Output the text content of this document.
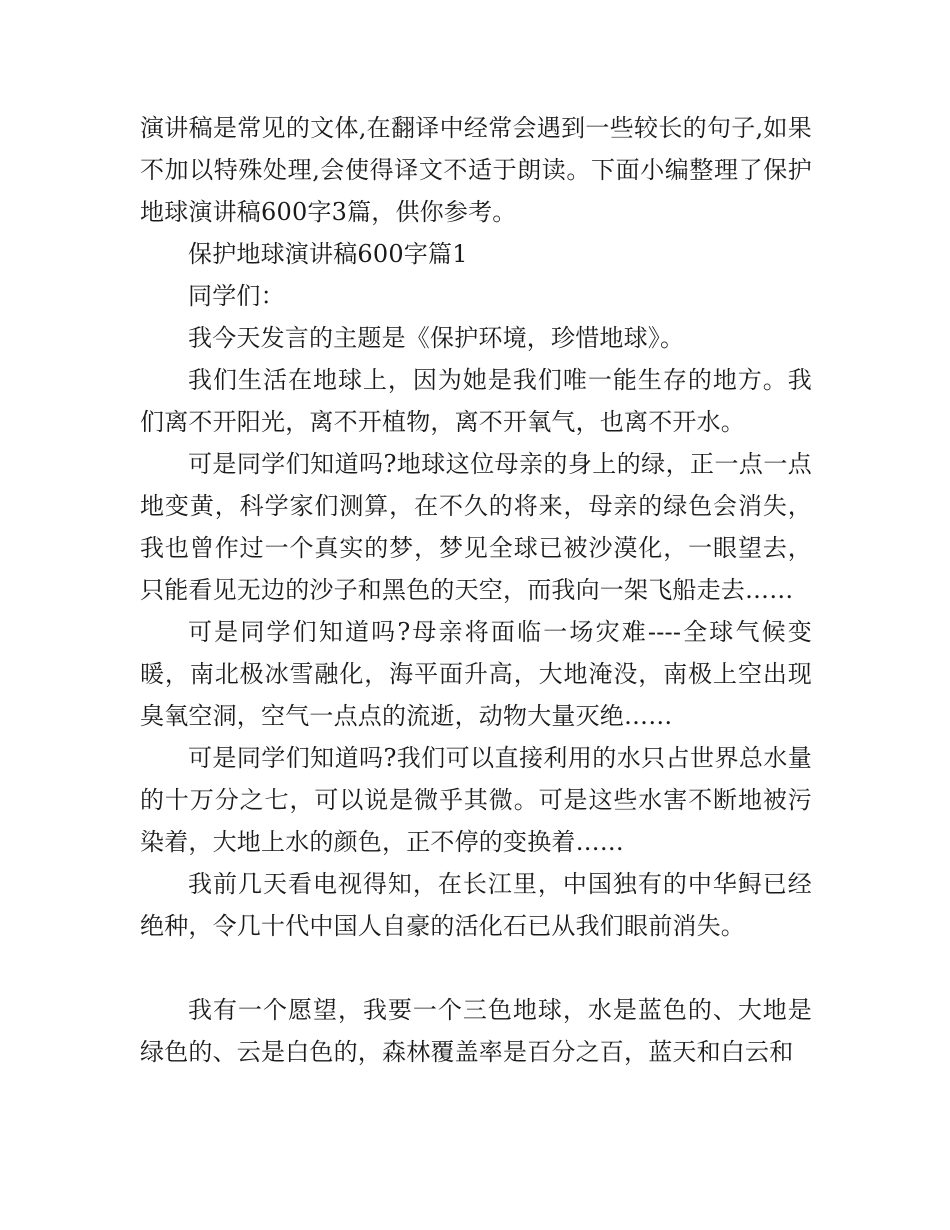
演讲稿是常见的文体,在翻译中经常会遇到一些较长的句子,如果不加以特殊处理,会使得译文不适于朗读。下面小编整理了保护地球演讲稿600字3篇，供你参考。

保护地球演讲稿600字篇1

同学们：

我今天发言的主题是《保护环境，珍惜地球》。

我们生活在地球上，因为她是我们唯一能生存的地方。我们离不开阳光，离不开植物，离不开氧气，也离不开水。

可是同学们知道吗?地球这位母亲的身上的绿，正一点一点地变黄，科学家们测算，在不久的将来，母亲的绿色会消失，我也曾作过一个真实的梦，梦见全球已被沙漠化，一眼望去，只能看见无边的沙子和黑色的天空，而我向一架飞船走去……

可是同学们知道吗?母亲将面临一场灾难----全球气候变暖，南北极冰雪融化，海平面升高，大地淹没，南极上空出现臭氧空洞，空气一点点的流逝，动物大量灭绝……

可是同学们知道吗?我们可以直接利用的水只占世界总水量的十万分之七，可以说是微乎其微。可是这些水害不断地被污染着，大地上水的颜色，正不停的变换着……

我前几天看电视得知，在长江里，中国独有的中华鲟已经绝种，令几十代中国人自豪的活化石已从我们眼前消失。

我有一个愿望，我要一个三色地球，水是蓝色的、大地是绿色的、云是白色的，森林覆盖率是百分之百，蓝天和白云和
